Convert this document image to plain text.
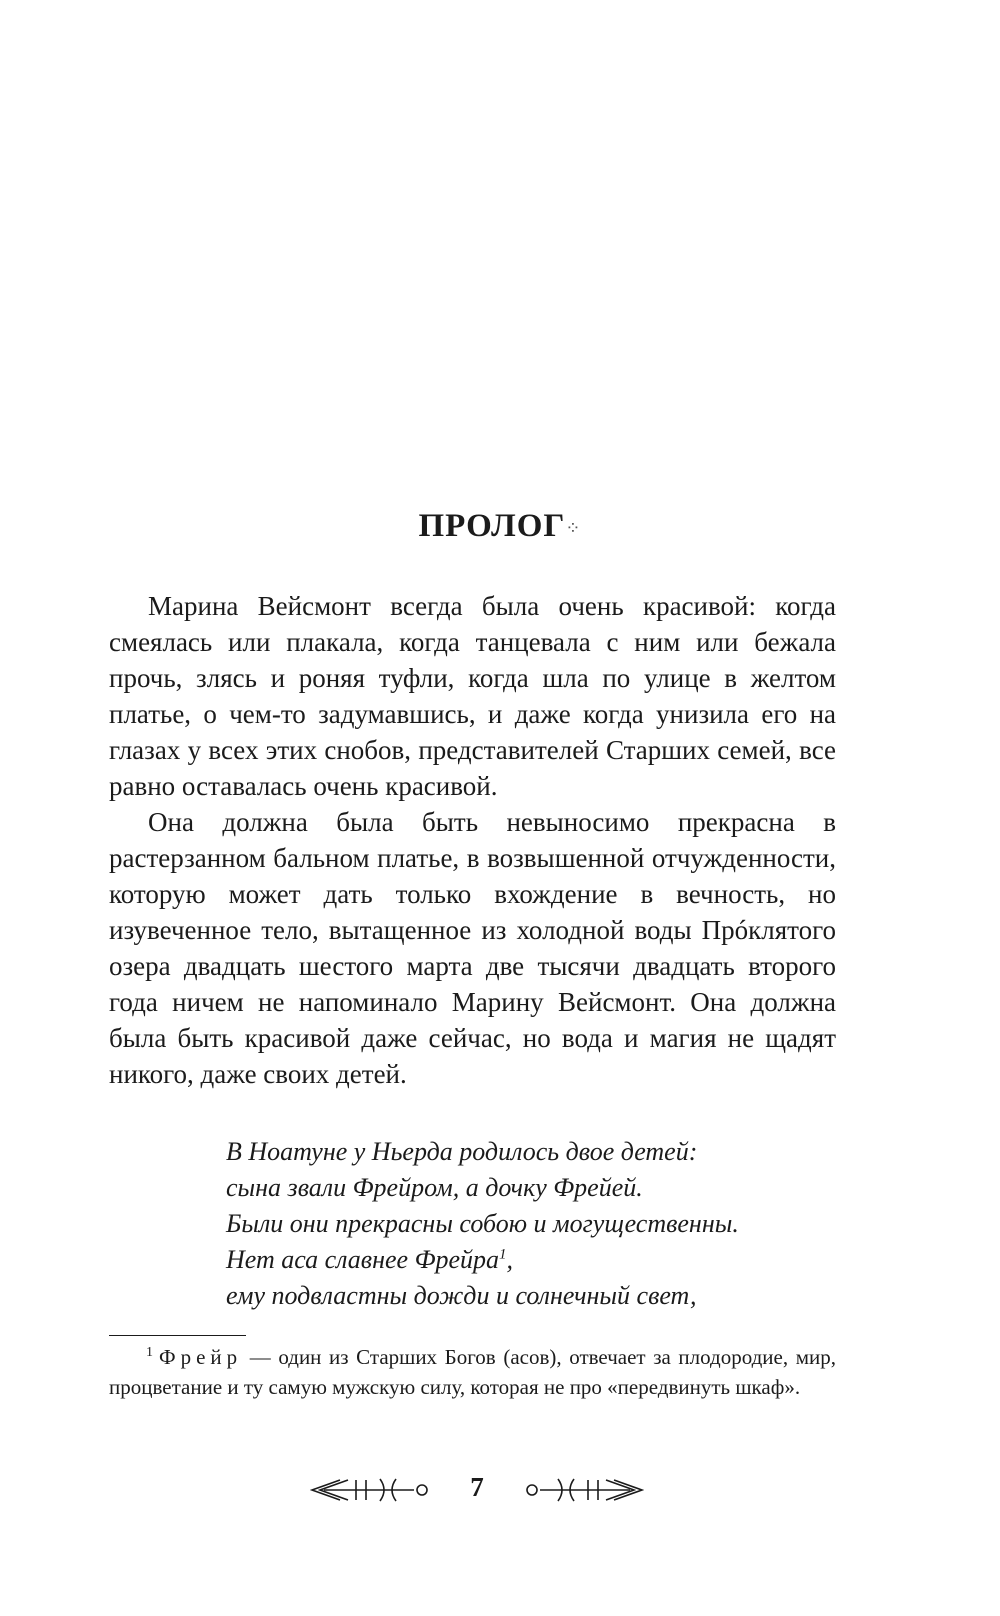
ПРОЛОГ⁘

Марина Вейсмонт всегда была очень красивой: когда смеялась или плакала, когда танцевала с ним или бежала прочь, злясь и роняя туфли, когда шла по улице в желтом платье, о чем-то задумавшись, и даже когда унизила его на глазах у всех этих снобов, представителей Старших семей, все равно оставалась очень красивой.

Она должна была быть невыносимо прекрасна в растерзанном бальном платье, в возвышенной отчужденности, которую может дать только вхождение в вечность, но изувеченное тело, вытащенное из холодной воды Прóклятого озера двадцать шестого марта две тысячи двадцать второго года ничем не напоминало Марину Вейсмонт. Она должна была быть красивой даже сейчас, но вода и магия не щадят никого, даже своих детей.

В Ноатуне у Ньерда родилось двое детей:
сына звали Фрейром, а дочку Фрейей.
Были они прекрасны собою и могущественны.
Нет аса славнее Фрейра$^1$,
ему подвластны дожди и солнечный свет,
$^1$ Фрейр — один из Старших Богов (асов), отвечает за плодородие, мир, процветание и ту самую мужскую силу, которая не про «передвинуть шкаф».
7
